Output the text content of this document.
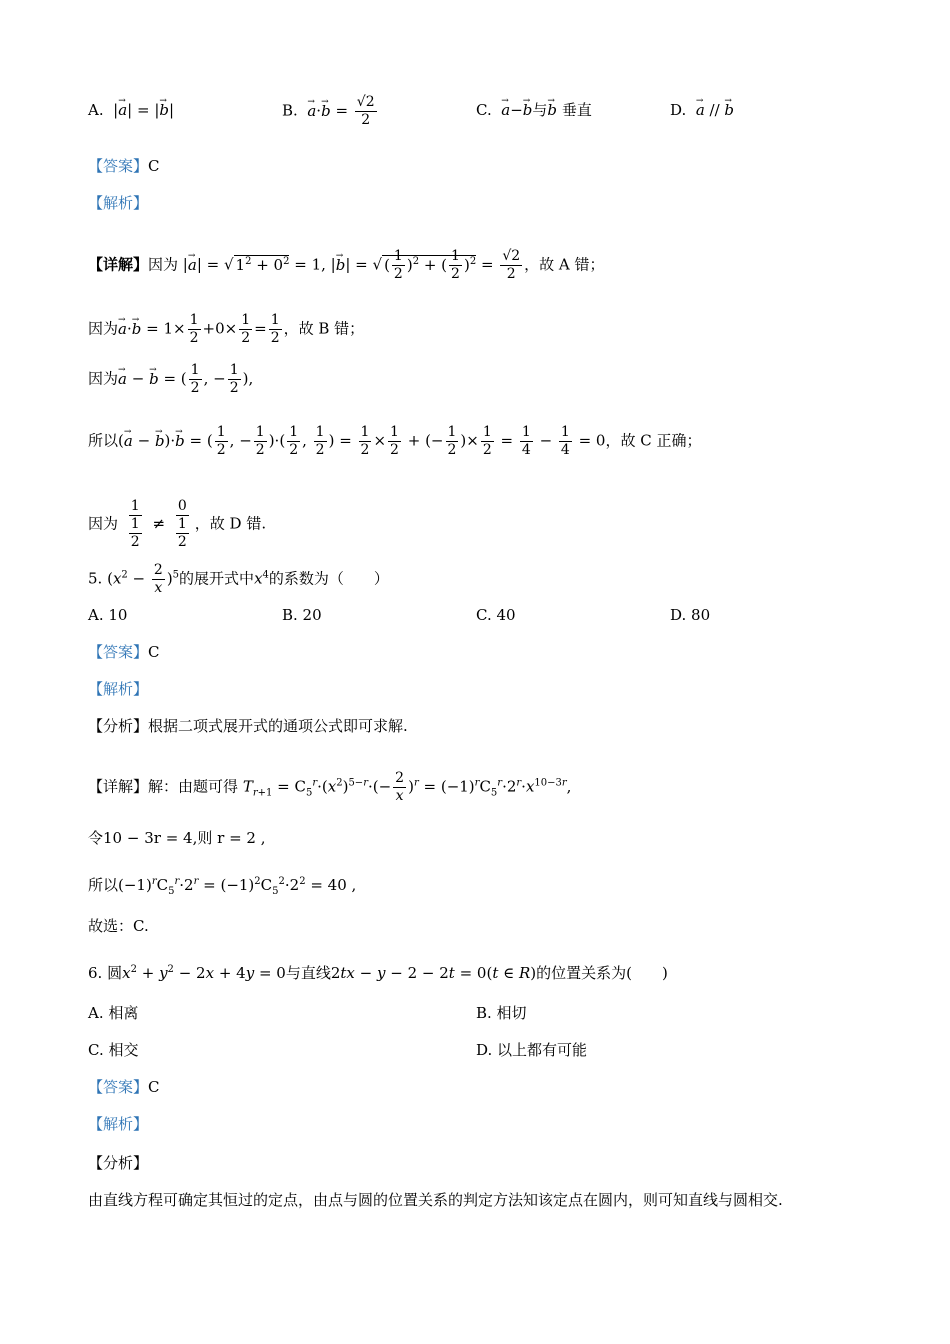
A.  |→ a| = |→ b|	B. → $a\cdot\to b = \frac{√2}{2}$	C. → a−→ b与→ b 垂直	D. → a // → b
【答案】C
【解析】
【详解】因为 |→ a| = √ $1^2 + 0^2 = 1$, |→ b| = √ ( $\frac{1}{2} )^2$ + ( $\frac{1}{2} )^2 = \frac{√2}{2}$ ，故 A 错；
因为→ $a\cdot\to b = 1\times \frac{1}{2} +0\times \frac{1}{2} = \frac{1}{2}$ ，故 B 错；
因为→ a − → b = ( $\frac{1}{2}$ , − $\frac{1}{2}$ ),
所以(→ a − → b)·→ b = ( $\frac{1}{2}$ , − $\frac{1}{2}$ )·( $\frac{1}{2}$ , $\frac{1}{2}$ ) = $\frac{1}{2} \times \frac{1}{2}$ + (− $\frac{1}{2}$ )× $\frac{1}{2} = \frac{1}{4} - \frac{1}{4} = 0$，故 C 正确；
因为 $\frac{1}{\frac{1}{2}} \ne \frac{0}{\frac{1}{2}}$ ，故 D 错.
5. $(x^2 - \frac{2}{x} )^5$的展开式中$x^4$的系数为（　　）
A. 10	B. 20	C. 40	D. 80
【答案】C
【解析】
【分析】根据二项式展开式的通项公式即可求解.
【详解】解：由题可得 $T_{r+1} = C_5^r\cdot(x^2)^{5-r}\cdot(- \frac{2}{x} )^r = (-1)^rC_5^r\cdot 2^r\cdot x^{10-3r}$,
令10 − 3r = 4,则 r = 2 ,
所以$(-1)^rC_5^r\cdot 2^r = (-1)^2C_5^2\cdot 2^2 = 40$ ,
故选：C.
6. 圆$x^2 + y^2 - 2x + 4y = 0$与直线2tx − y − 2 − 2t = 0(t ∈ R)的位置关系为(　　)
A. 相离	B. 相切
C. 相交	D. 以上都有可能
【答案】C
【解析】
【分析】
由直线方程可确定其恒过的定点，由点与圆的位置关系的判定方法知该定点在圆内，则可知直线与圆相交.
